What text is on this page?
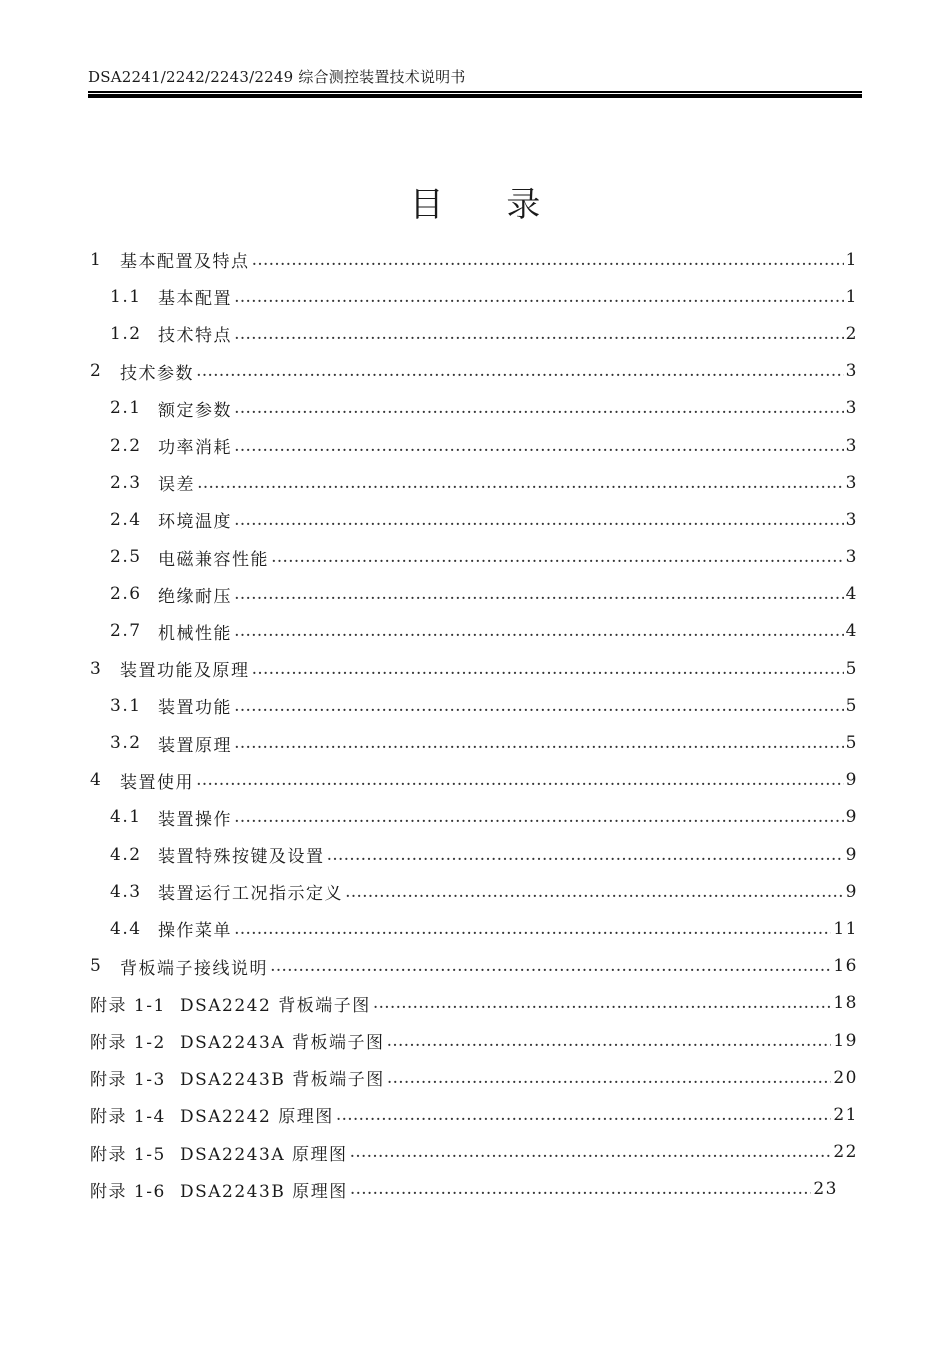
DSA2241/2242/2243/2249 综合测控装置技术说明书
目 录
1	基本配置及特点 …………………………………………………………………………………………………………………………………………………………………………………………………………………………………………………………………………	1
1.1 基本配置 …………………………………………………………………………………………………………………………………………………………………………………………………………………………………………………………………………	1
1.2 技术特点 …………………………………………………………………………………………………………………………………………………………………………………………………………………………………………………………………………	2
2	技术参数 …………………………………………………………………………………………………………………………………………………………………………………………………………………………………………………………………………	3
2.1 额定参数 …………………………………………………………………………………………………………………………………………………………………………………………………………………………………………………………………………	3
2.2 功率消耗 …………………………………………………………………………………………………………………………………………………………………………………………………………………………………………………………………………	3
2.3 误差 …………………………………………………………………………………………………………………………………………………………………………………………………………………………………………………………………………	3
2.4 环境温度 …………………………………………………………………………………………………………………………………………………………………………………………………………………………………………………………………………	3
2.5 电磁兼容性能 …………………………………………………………………………………………………………………………………………………………………………………………………………………………………………………………………………	3
2.6 绝缘耐压 …………………………………………………………………………………………………………………………………………………………………………………………………………………………………………………………………………	4
2.7 机械性能 …………………………………………………………………………………………………………………………………………………………………………………………………………………………………………………………………………	4
3	装置功能及原理 …………………………………………………………………………………………………………………………………………………………………………………………………………………………………………………………………………	5
3.1 装置功能 …………………………………………………………………………………………………………………………………………………………………………………………………………………………………………………………………………	5
3.2 装置原理 …………………………………………………………………………………………………………………………………………………………………………………………………………………………………………………………………………	5
4	装置使用 …………………………………………………………………………………………………………………………………………………………………………………………………………………………………………………………………………	9
4.1 装置操作 …………………………………………………………………………………………………………………………………………………………………………………………………………………………………………………………………………	9
4.2 装置特殊按键及设置 …………………………………………………………………………………………………………………………………………………………………………………………………………………………………………………………………………	9
4.3 装置运行工况指示定义 …………………………………………………………………………………………………………………………………………………………………………………………………………………………………………………………………………	9
4.4 操作菜单 …………………………………………………………………………………………………………………………………………………………………………………………………………………………………………………………………………	11
5	背板端子接线说明 …………………………………………………………………………………………………………………………………………………………………………………………………………………………………………………………………………	16
附录 1-1 DSA2242 背板端子图 …………………………………………………………………………………………………………………………………………………………………………………………………………………………………………………………………………	18
附录 1-2 DSA2243A 背板端子图 …………………………………………………………………………………………………………………………………………………………………………………………………………………………………………………………………………	19
附录 1-3 DSA2243B 背板端子图 …………………………………………………………………………………………………………………………………………………………………………………………………………………………………………………………………………	20
附录 1-4 DSA2242 原理图 …………………………………………………………………………………………………………………………………………………………………………………………………………………………………………………………………………	21
附录 1-5 DSA2243A 原理图 …………………………………………………………………………………………………………………………………………………………………………………………………………………………………………………………………………	22
附录 1-6 DSA2243B 原理图 …………………………………………………………………………………………………………………………………………………………………………………………………………………………………………………………………………	23
